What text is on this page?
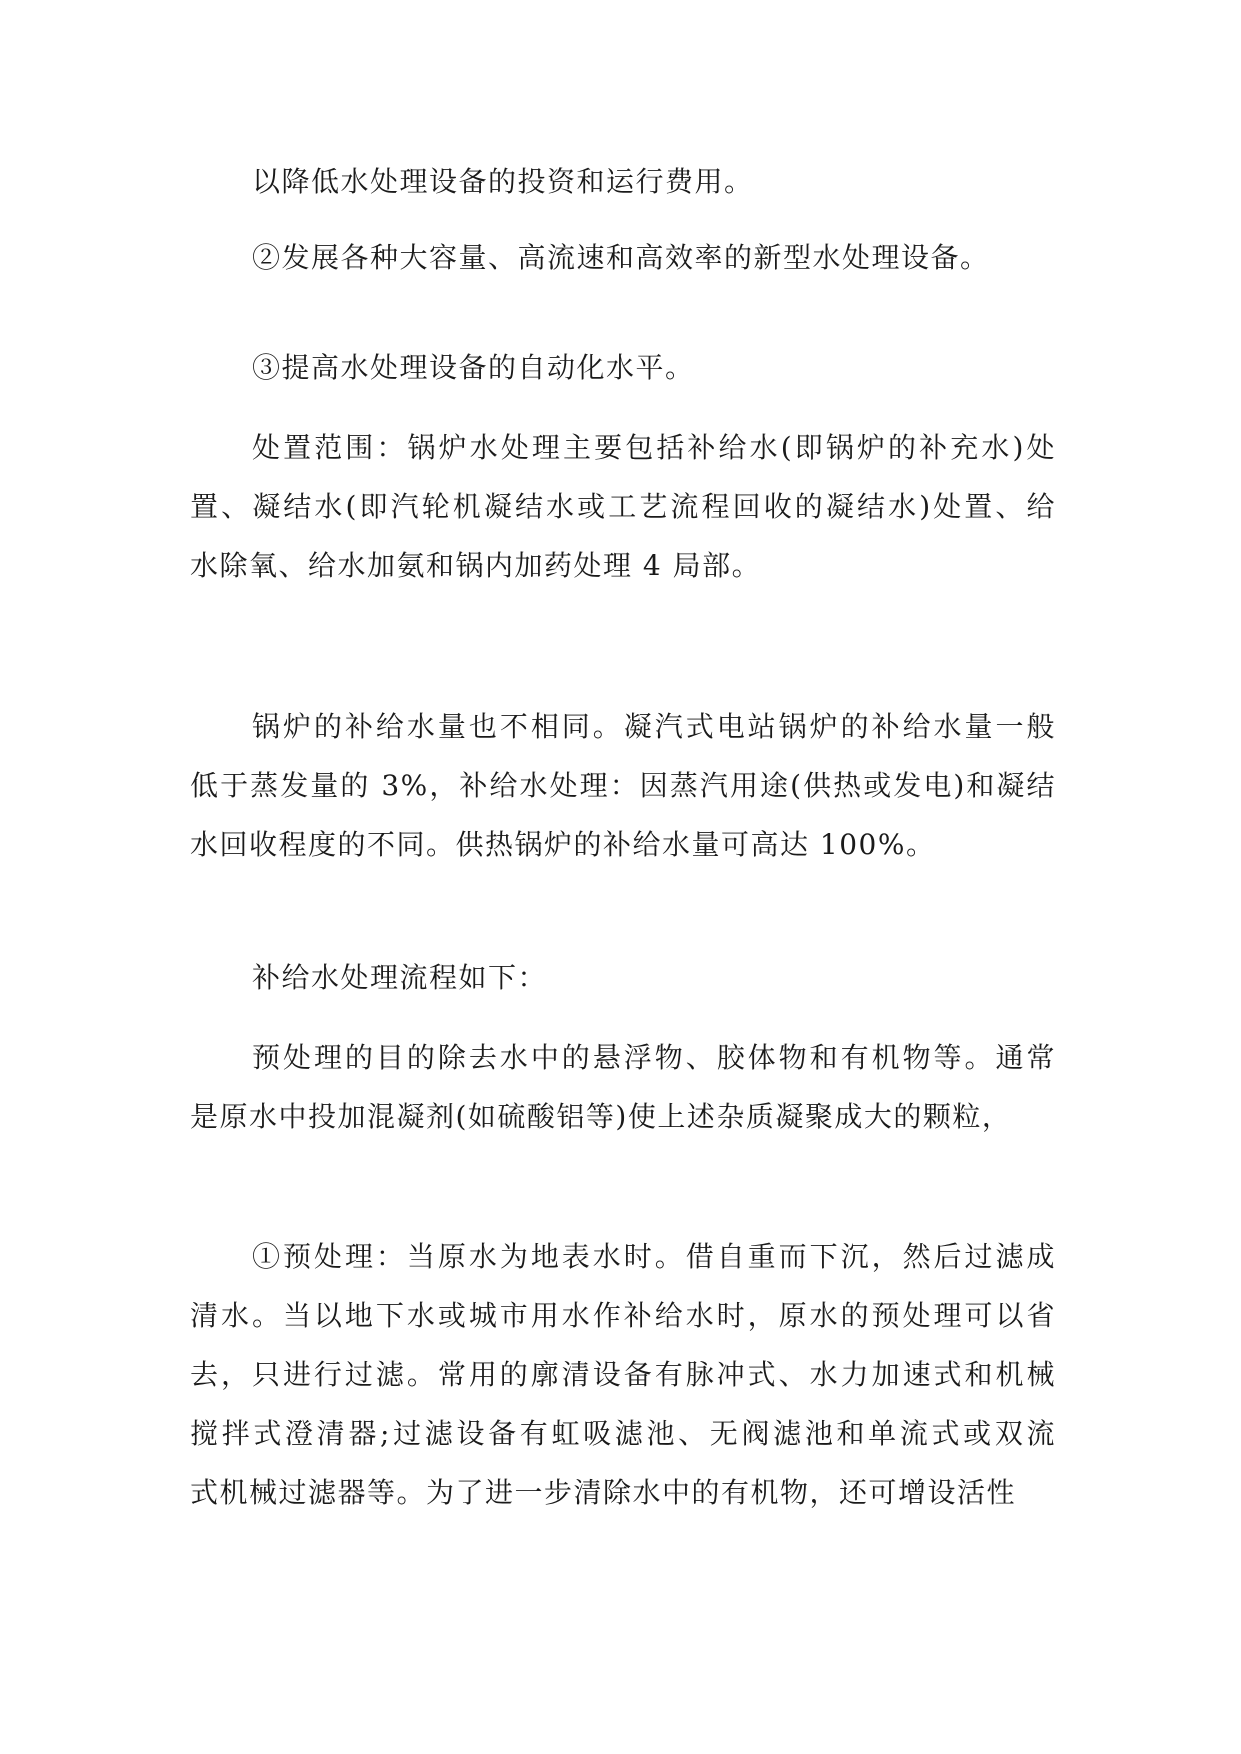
以降低水处理设备的投资和运行费用。

②发展各种大容量、高流速和高效率的新型水处理设备。

③提高水处理设备的自动化水平。

处置范围：锅炉水处理主要包括补给水(即锅炉的补充水)处
置、凝结水(即汽轮机凝结水或工艺流程回收的凝结水)处置、给
水除氧、给水加氨和锅内加药处理 4 局部。

锅炉的补给水量也不相同。凝汽式电站锅炉的补给水量一般
低于蒸发量的 3%，补给水处理：因蒸汽用途(供热或发电)和凝结
水回收程度的不同。供热锅炉的补给水量可高达 100%。

补给水处理流程如下：

预处理的目的除去水中的悬浮物、胶体物和有机物等。通常
是原水中投加混凝剂(如硫酸铝等)使上述杂质凝聚成大的颗粒，

①预处理：当原水为地表水时。借自重而下沉，然后过滤成
清水。当以地下水或城市用水作补给水时，原水的预处理可以省
去，只进行过滤。常用的廓清设备有脉冲式、水力加速式和机械
搅拌式澄清器;过滤设备有虹吸滤池、无阀滤池和单流式或双流
式机械过滤器等。为了进一步清除水中的有机物，还可增设活性
